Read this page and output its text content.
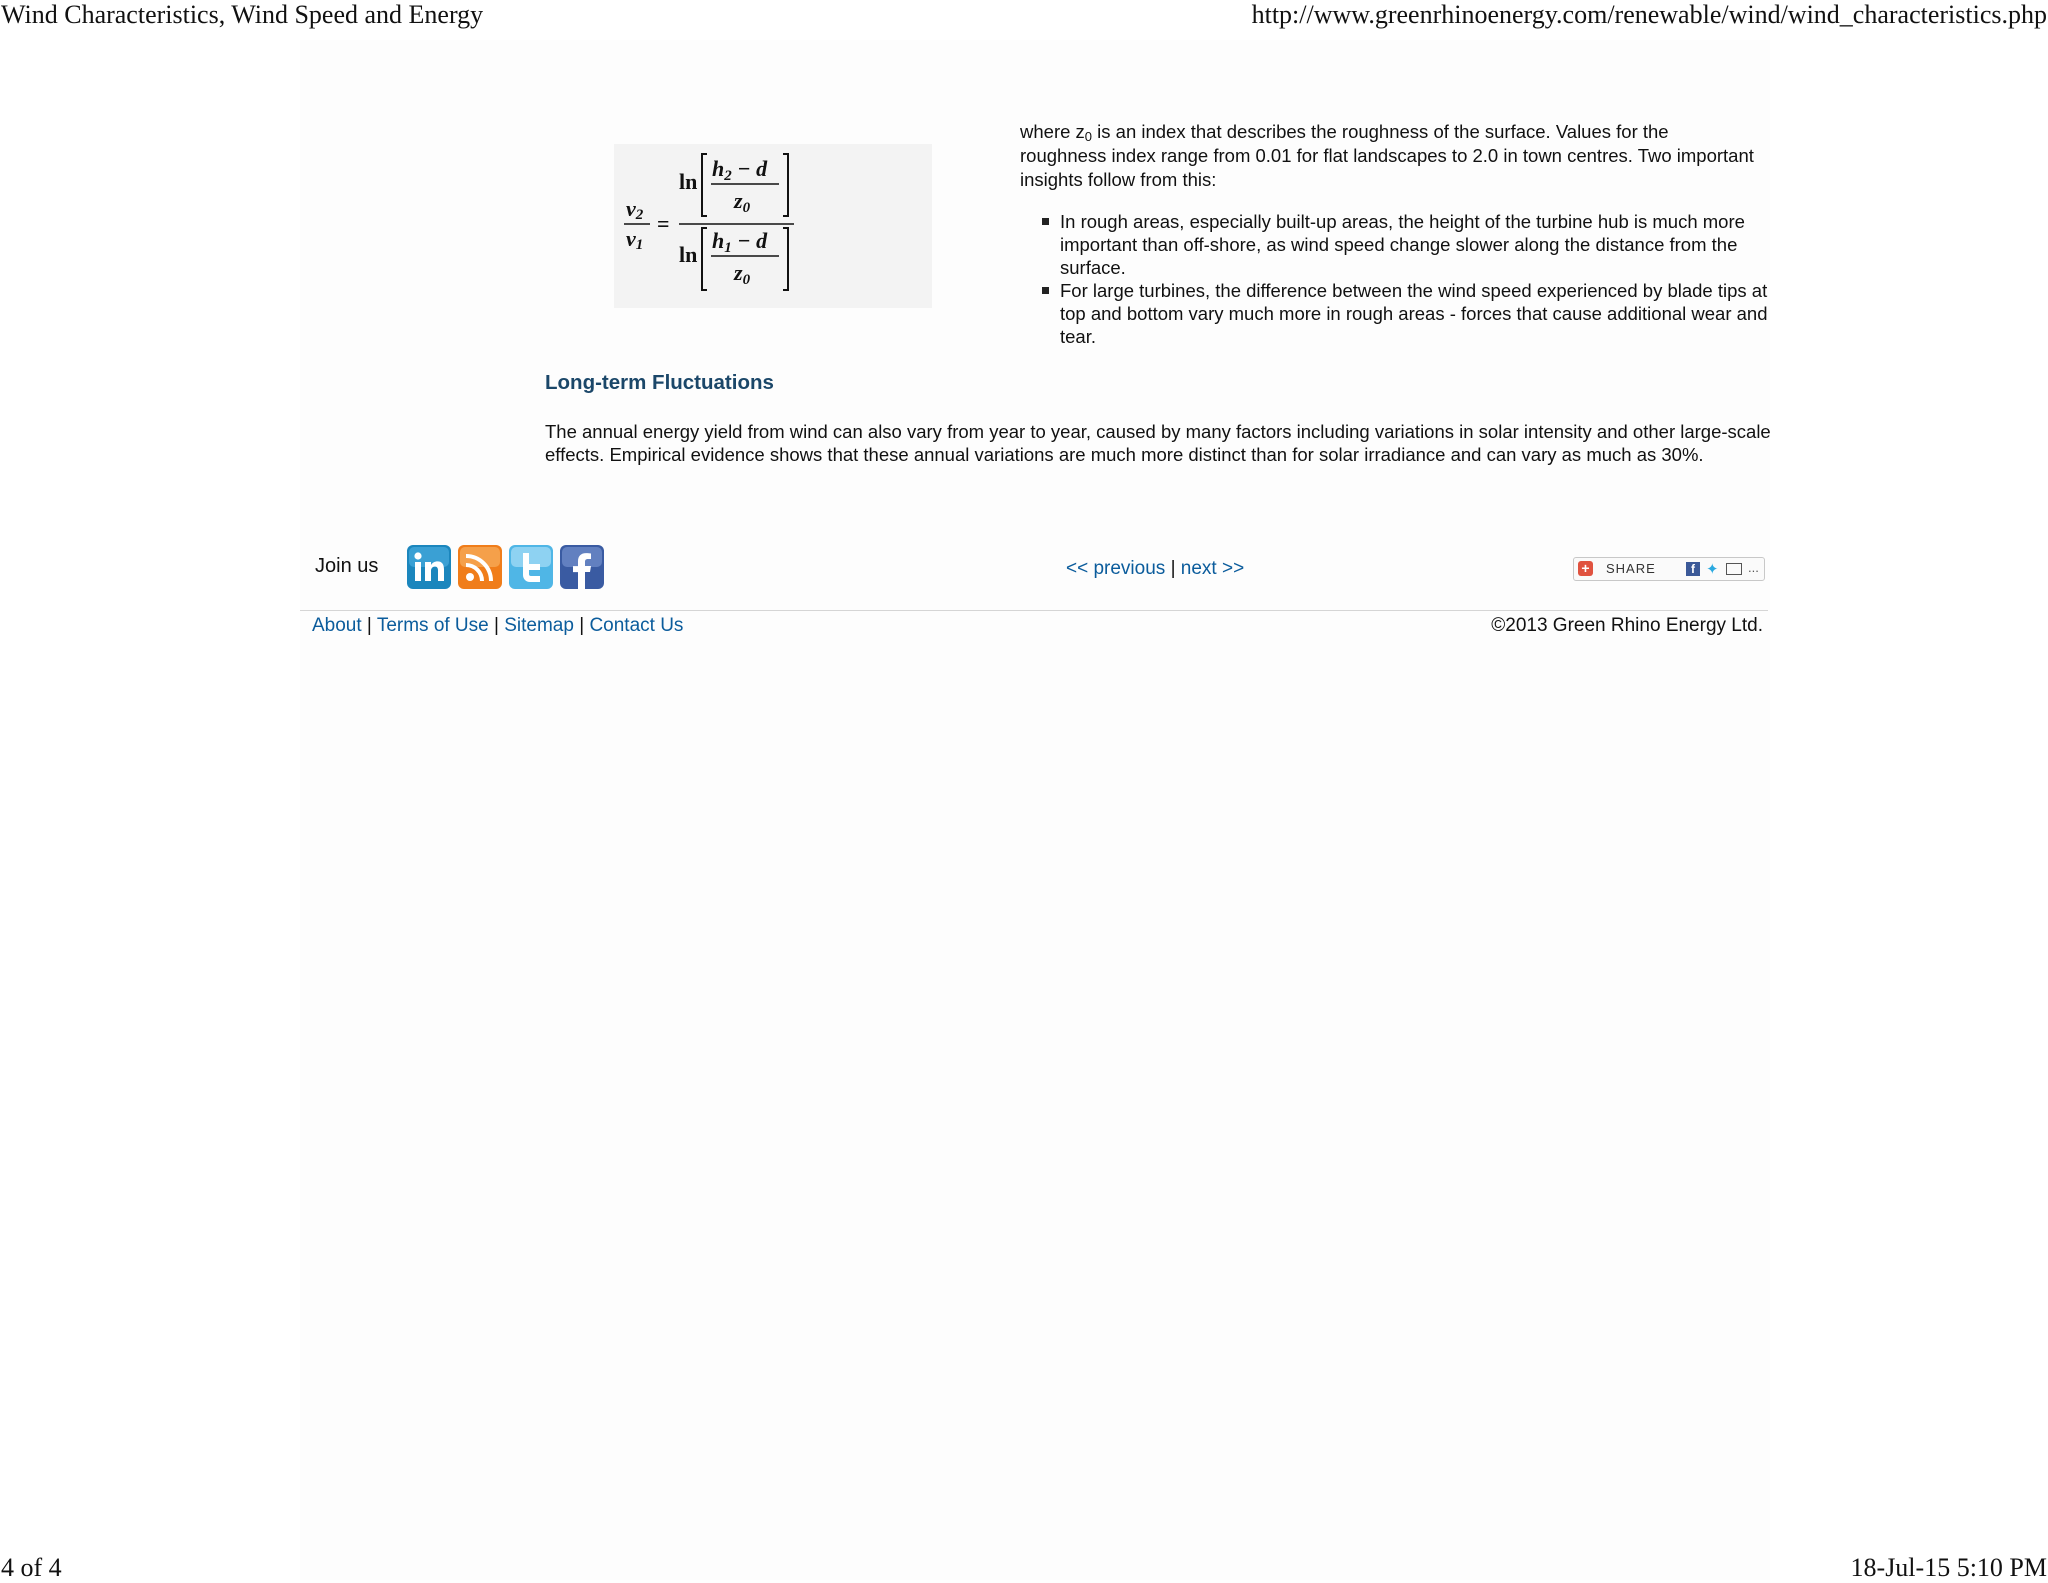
Wind Characteristics, Wind Speed and Energy	http://www.greenrhinoenergy.com/renewable/wind/wind_characteristics.php
v2
v1
=
ln
h2 − d
z0
ln
h1 − d
z0
where $z_0$ is an index that describes the roughness of the surface. Values for the roughness index range from 0.01 for flat landscapes to 2.0 in town centres. Two important insights follow from this:
In rough areas, especially built-up areas, the height of the turbine hub is much more important than off-shore, as wind speed change slower along the distance from the surface.
For large turbines, the difference between the wind speed experienced by blade tips at top and bottom vary much more in rough areas - forces that cause additional wear and tear.
Long-term Fluctuations
The annual energy yield from wind can also vary from year to year, caused by many factors including variations in solar intensity and other large-scale effects. Empirical evidence shows that these annual variations are much more distinct than for solar irradiance and can vary as much as 30%.
Join us	<< previous | next >>	+ SHARE	f ✦ ...
About | Terms of Use | Sitemap | Contact Us	©2013 Green Rhino Energy Ltd.
4 of 4	18-Jul-15 5:10 PM
